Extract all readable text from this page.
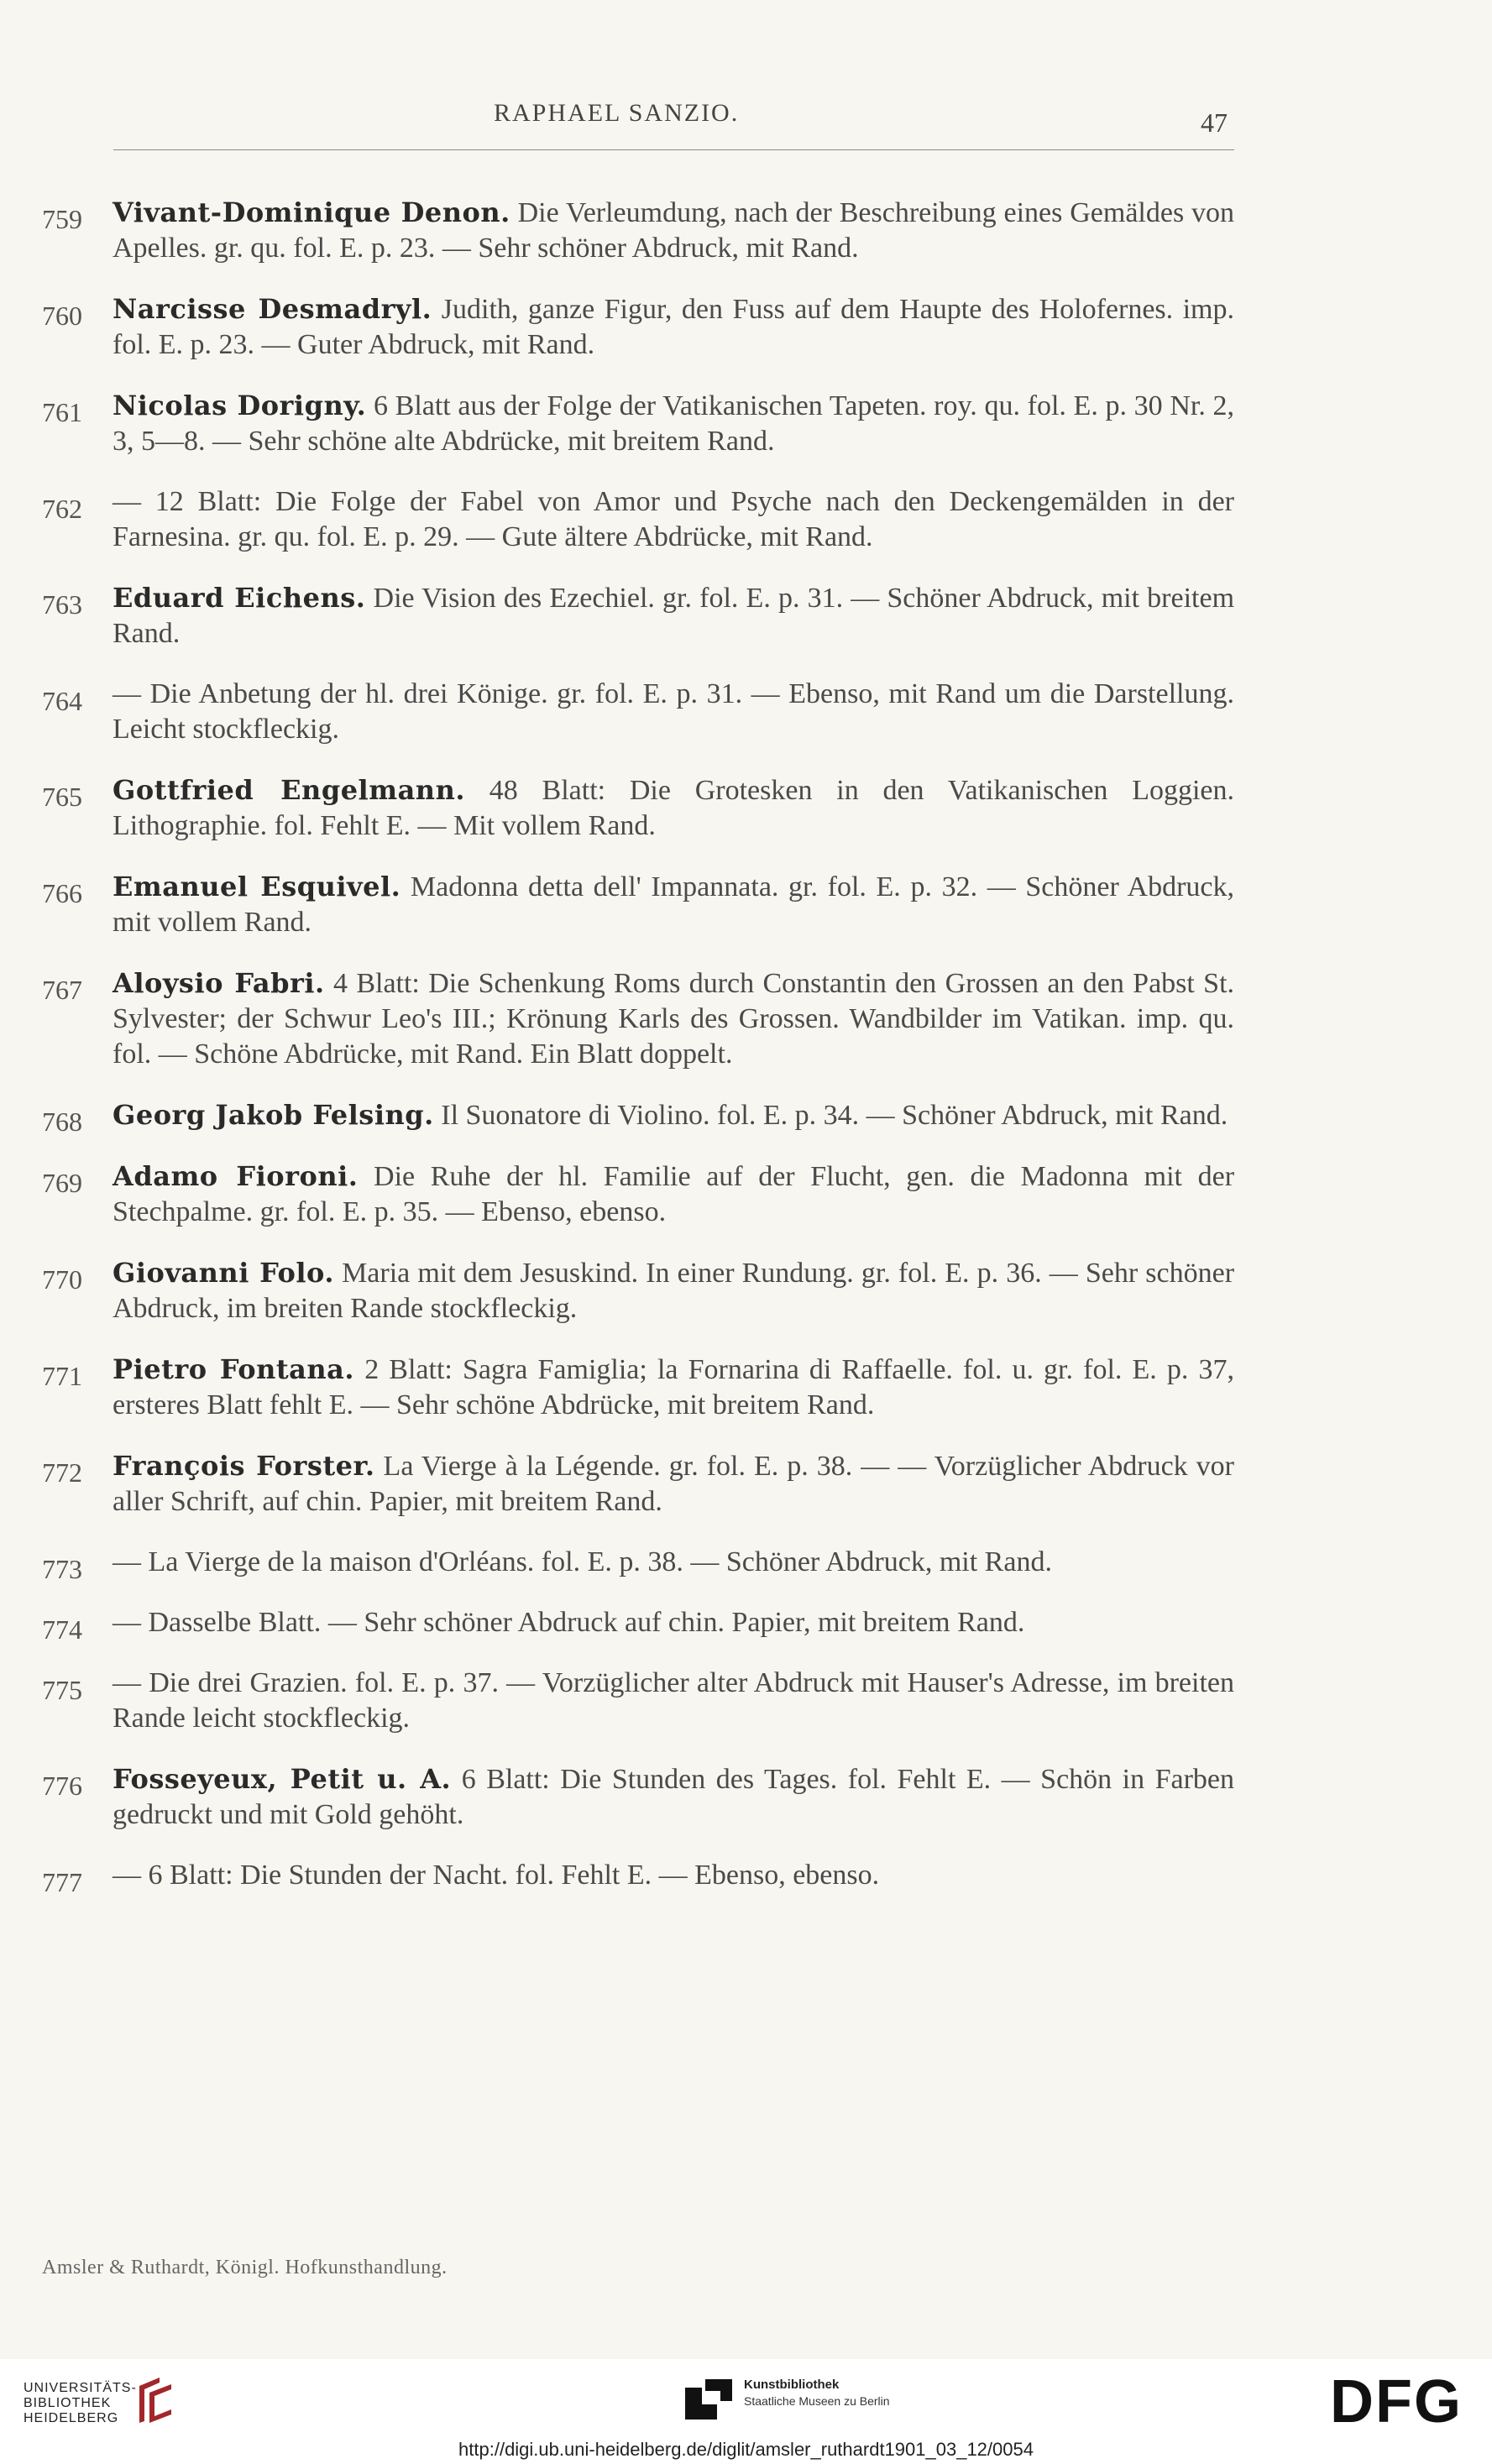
RAPHAEL SANZIO.	47
759 Vivant-Dominique Denon. Die Verleumdung, nach der Beschreibung eines Gemäldes von Apelles. gr. qu. fol. E. p. 23. — Sehr schöner Abdruck, mit Rand.
760 Narcisse Desmadryl. Judith, ganze Figur, den Fuss auf dem Haupte des Holofernes. imp. fol. E. p. 23. — Guter Abdruck, mit Rand.
761 Nicolas Dorigny. 6 Blatt aus der Folge der Vatikanischen Tapeten. roy. qu. fol. E. p. 30 Nr. 2, 3, 5—8. — Sehr schöne alte Abdrücke, mit breitem Rand.
762 — 12 Blatt: Die Folge der Fabel von Amor und Psyche nach den Deckengemälden in der Farnesina. gr. qu. fol. E. p. 29. — Gute ältere Abdrücke, mit Rand.
763 Eduard Eichens. Die Vision des Ezechiel. gr. fol. E. p. 31. — Schöner Abdruck, mit breitem Rand.
764 — Die Anbetung der hl. drei Könige. gr. fol. E. p. 31. — Ebenso, mit Rand um die Darstellung. Leicht stockfleckig.
765 Gottfried Engelmann. 48 Blatt: Die Grotesken in den Vatikanischen Loggien. Lithographie. fol. Fehlt E. — Mit vollem Rand.
766 Emanuel Esquivel. Madonna detta dell' Impannata. gr. fol. E. p. 32. — Schöner Abdruck, mit vollem Rand.
767 Aloysio Fabri. 4 Blatt: Die Schenkung Roms durch Constantin den Grossen an den Pabst St. Sylvester; der Schwur Leo's III.; Krönung Karls des Grossen. Wandbilder im Vatikan. imp. qu. fol. — Schöne Abdrücke, mit Rand. Ein Blatt doppelt.
768 Georg Jakob Felsing. Il Suonatore di Violino. fol. E. p. 34. — Schöner Abdruck, mit Rand.
769 Adamo Fioroni. Die Ruhe der hl. Familie auf der Flucht, gen. die Madonna mit der Stechpalme. gr. fol. E. p. 35. — Ebenso, ebenso.
770 Giovanni Folo. Maria mit dem Jesuskind. In einer Rundung. gr. fol. E. p. 36. — Sehr schöner Abdruck, im breiten Rande stockfleckig.
771 Pietro Fontana. 2 Blatt: Sagra Famiglia; la Fornarina di Raffaelle. fol. u. gr. fol. E. p. 37, ersteres Blatt fehlt E. — Sehr schöne Abdrücke, mit breitem Rand.
772 François Forster. La Vierge à la Légende. gr. fol. E. p. 38. — — Vorzüglicher Abdruck vor aller Schrift, auf chin. Papier, mit breitem Rand.
773 — La Vierge de la maison d'Orléans. fol. E. p. 38. — Schöner Abdruck, mit Rand.
774 — Dasselbe Blatt. — Sehr schöner Abdruck auf chin. Papier, mit breitem Rand.
775 — Die drei Grazien. fol. E. p. 37. — Vorzüglicher alter Abdruck mit Hauser's Adresse, im breiten Rande leicht stockfleckig.
776 Fosseyeux, Petit u. A. 6 Blatt: Die Stunden des Tages. fol. Fehlt E. — Schön in Farben gedruckt und mit Gold gehöht.
777 — 6 Blatt: Die Stunden der Nacht. fol. Fehlt E. — Ebenso, ebenso.
Amsler & Ruthardt, Königl. Hofkunsthandlung.
UNIVERSITÄTS-
BIBLIOTHEK
HEIDELBERG
Kunstbibliothek
Staatliche Museen zu Berlin	DFG
http://digi.ub.uni-heidelberg.de/diglit/amsler_ruthardt1901_03_12/0054
